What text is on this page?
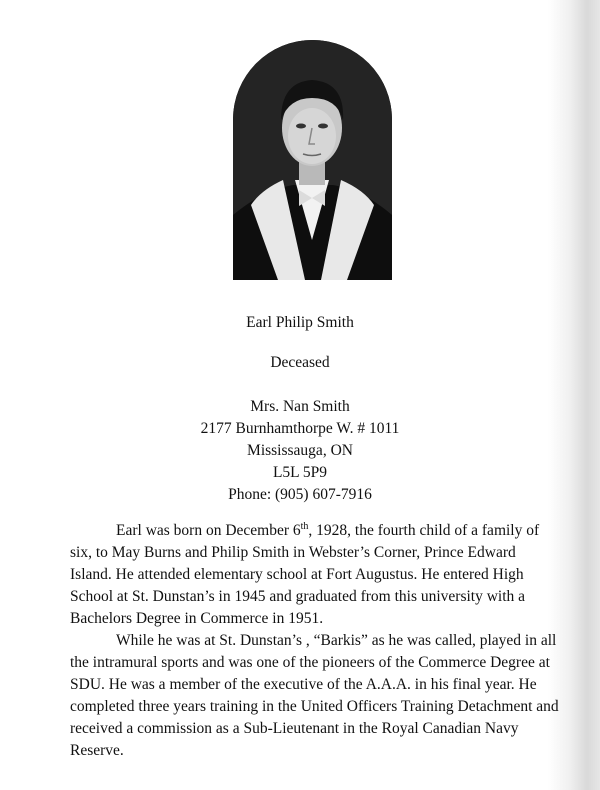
Earl Philip Smith
Deceased
Mrs. Nan Smith
2177 Burnhamthorpe W. # 1011
Mississauga, ON
L5L 5P9
Phone: (905) 607-7916

Earl was born on December 6th, 1928, the fourth child of a family of six, to May Burns and Philip Smith in Webster’s Corner, Prince Edward Island. He attended elementary school at Fort Augustus. He entered High School at St. Dunstan’s in 1945 and graduated from this university with a Bachelors Degree in Commerce in 1951.

While he was at St. Dunstan’s , “Barkis” as he was called, played in all the intramural sports and was one of the pioneers of the Commerce Degree at SDU. He was a member of the executive of the A.A.A. in his final year. He completed three years training in the United Officers Training Detachment and received a commission as a Sub-Lieutenant in the Royal Canadian Navy Reserve.
